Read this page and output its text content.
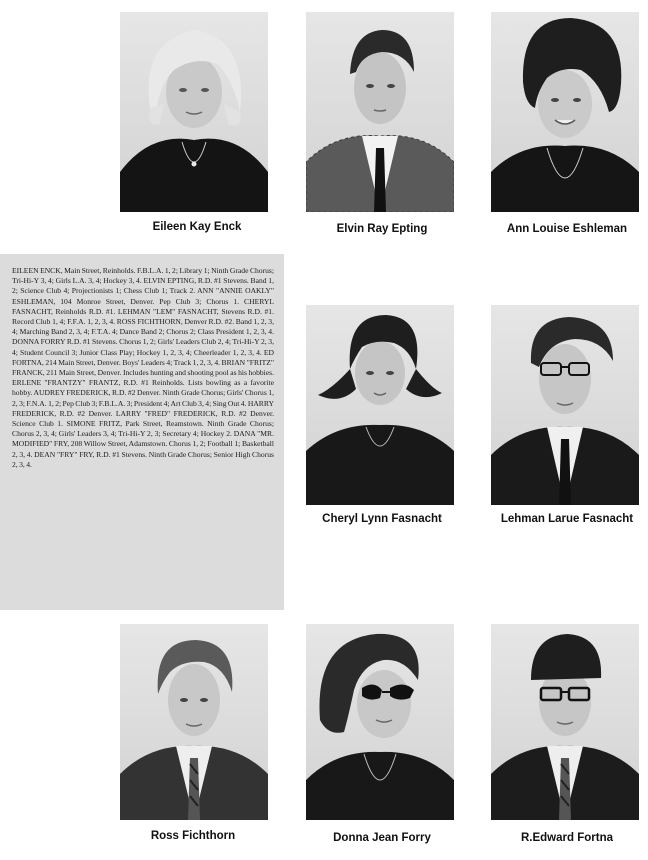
Eileen Kay Enck	Elvin Ray Epting	Ann Louise Eshleman

EILEEN ENCK, Main Street, Reinholds. F.B.L.A. 1, 2; Library 1; Ninth Grade Chorus; Tri-Hi-Y 3, 4; Girls L.A. 3, 4; Hockey 3, 4. ELVIN EPTING, R.D. #1 Stevens. Band 1, 2; Science Club 4; Projectionists 1; Chess Club 1; Track 2. ANN "ANNIE OAKLY" ESHLEMAN, 104 Monroe Street, Denver. Pep Club 3; Chorus 1. CHERYL FASNACHT, Reinholds R.D. #1. LEHMAN "LEM" FASNACHT, Stevens R.D. #1. Record Club 1, 4; F.F.A. 1, 2, 3, 4. ROSS FICHTHORN, Denver R.D. #2. Band 1, 2, 3, 4; Marching Band 2, 3, 4; F.T.A. 4; Dance Band 2; Chorus 2; Class President 1, 2, 3, 4. DONNA FORRY R.D. #1 Stevens. Chorus 1, 2; Girls' Leaders Club 2, 4; Tri-Hi-Y 2, 3, 4; Student Council 3; Junior Class Play; Hockey 1, 2, 3, 4; Cheerleader 1, 2, 3, 4. ED FORTNA, 214 Main Street, Denver. Boys' Leaders 4; Track 1, 2, 3, 4. BRIAN "FRITZ" FRANCK, 211 Main Street, Denver. Includes hunting and shooting pool as his hobbies. ERLENE "FRANTZY" FRANTZ, R.D. #1 Reinholds. Lists bowling as a favorite hobby. AUDREY FREDERICK, R.D. #2 Denver. Ninth Grade Chorus; Girls' Chorus 1, 2, 3; F.N.A. 1, 2; Pep Club 3; F.B.L.A. 3; President 4; Art Club 3, 4; Sing Out 4. HARRY FREDERICK, R.D. #2 Denver. LARRY "FRED" FREDERICK, R.D. #2 Denver. Science Club 1. SIMONE FRITZ, Park Street, Reamstown. Ninth Grade Chorus; Chorus 2, 3, 4; Girls' Leaders 3, 4; Tri-Hi-Y 2, 3; Secretary 4; Hockey 2. DANA "MR. MODIFIED" FRY, 208 Willow Street, Adamstown. Chorus 1, 2; Football 1; Basketball 2, 3, 4. DEAN "FRY" FRY, R.D. #1 Stevens. Ninth Grade Chorus; Senior High Chorus 2, 3, 4.

Cheryl Lynn Fasnacht	Lehman Larue Fasnacht
Ross Fichthorn	Donna Jean Forry	R.Edward Fortna
